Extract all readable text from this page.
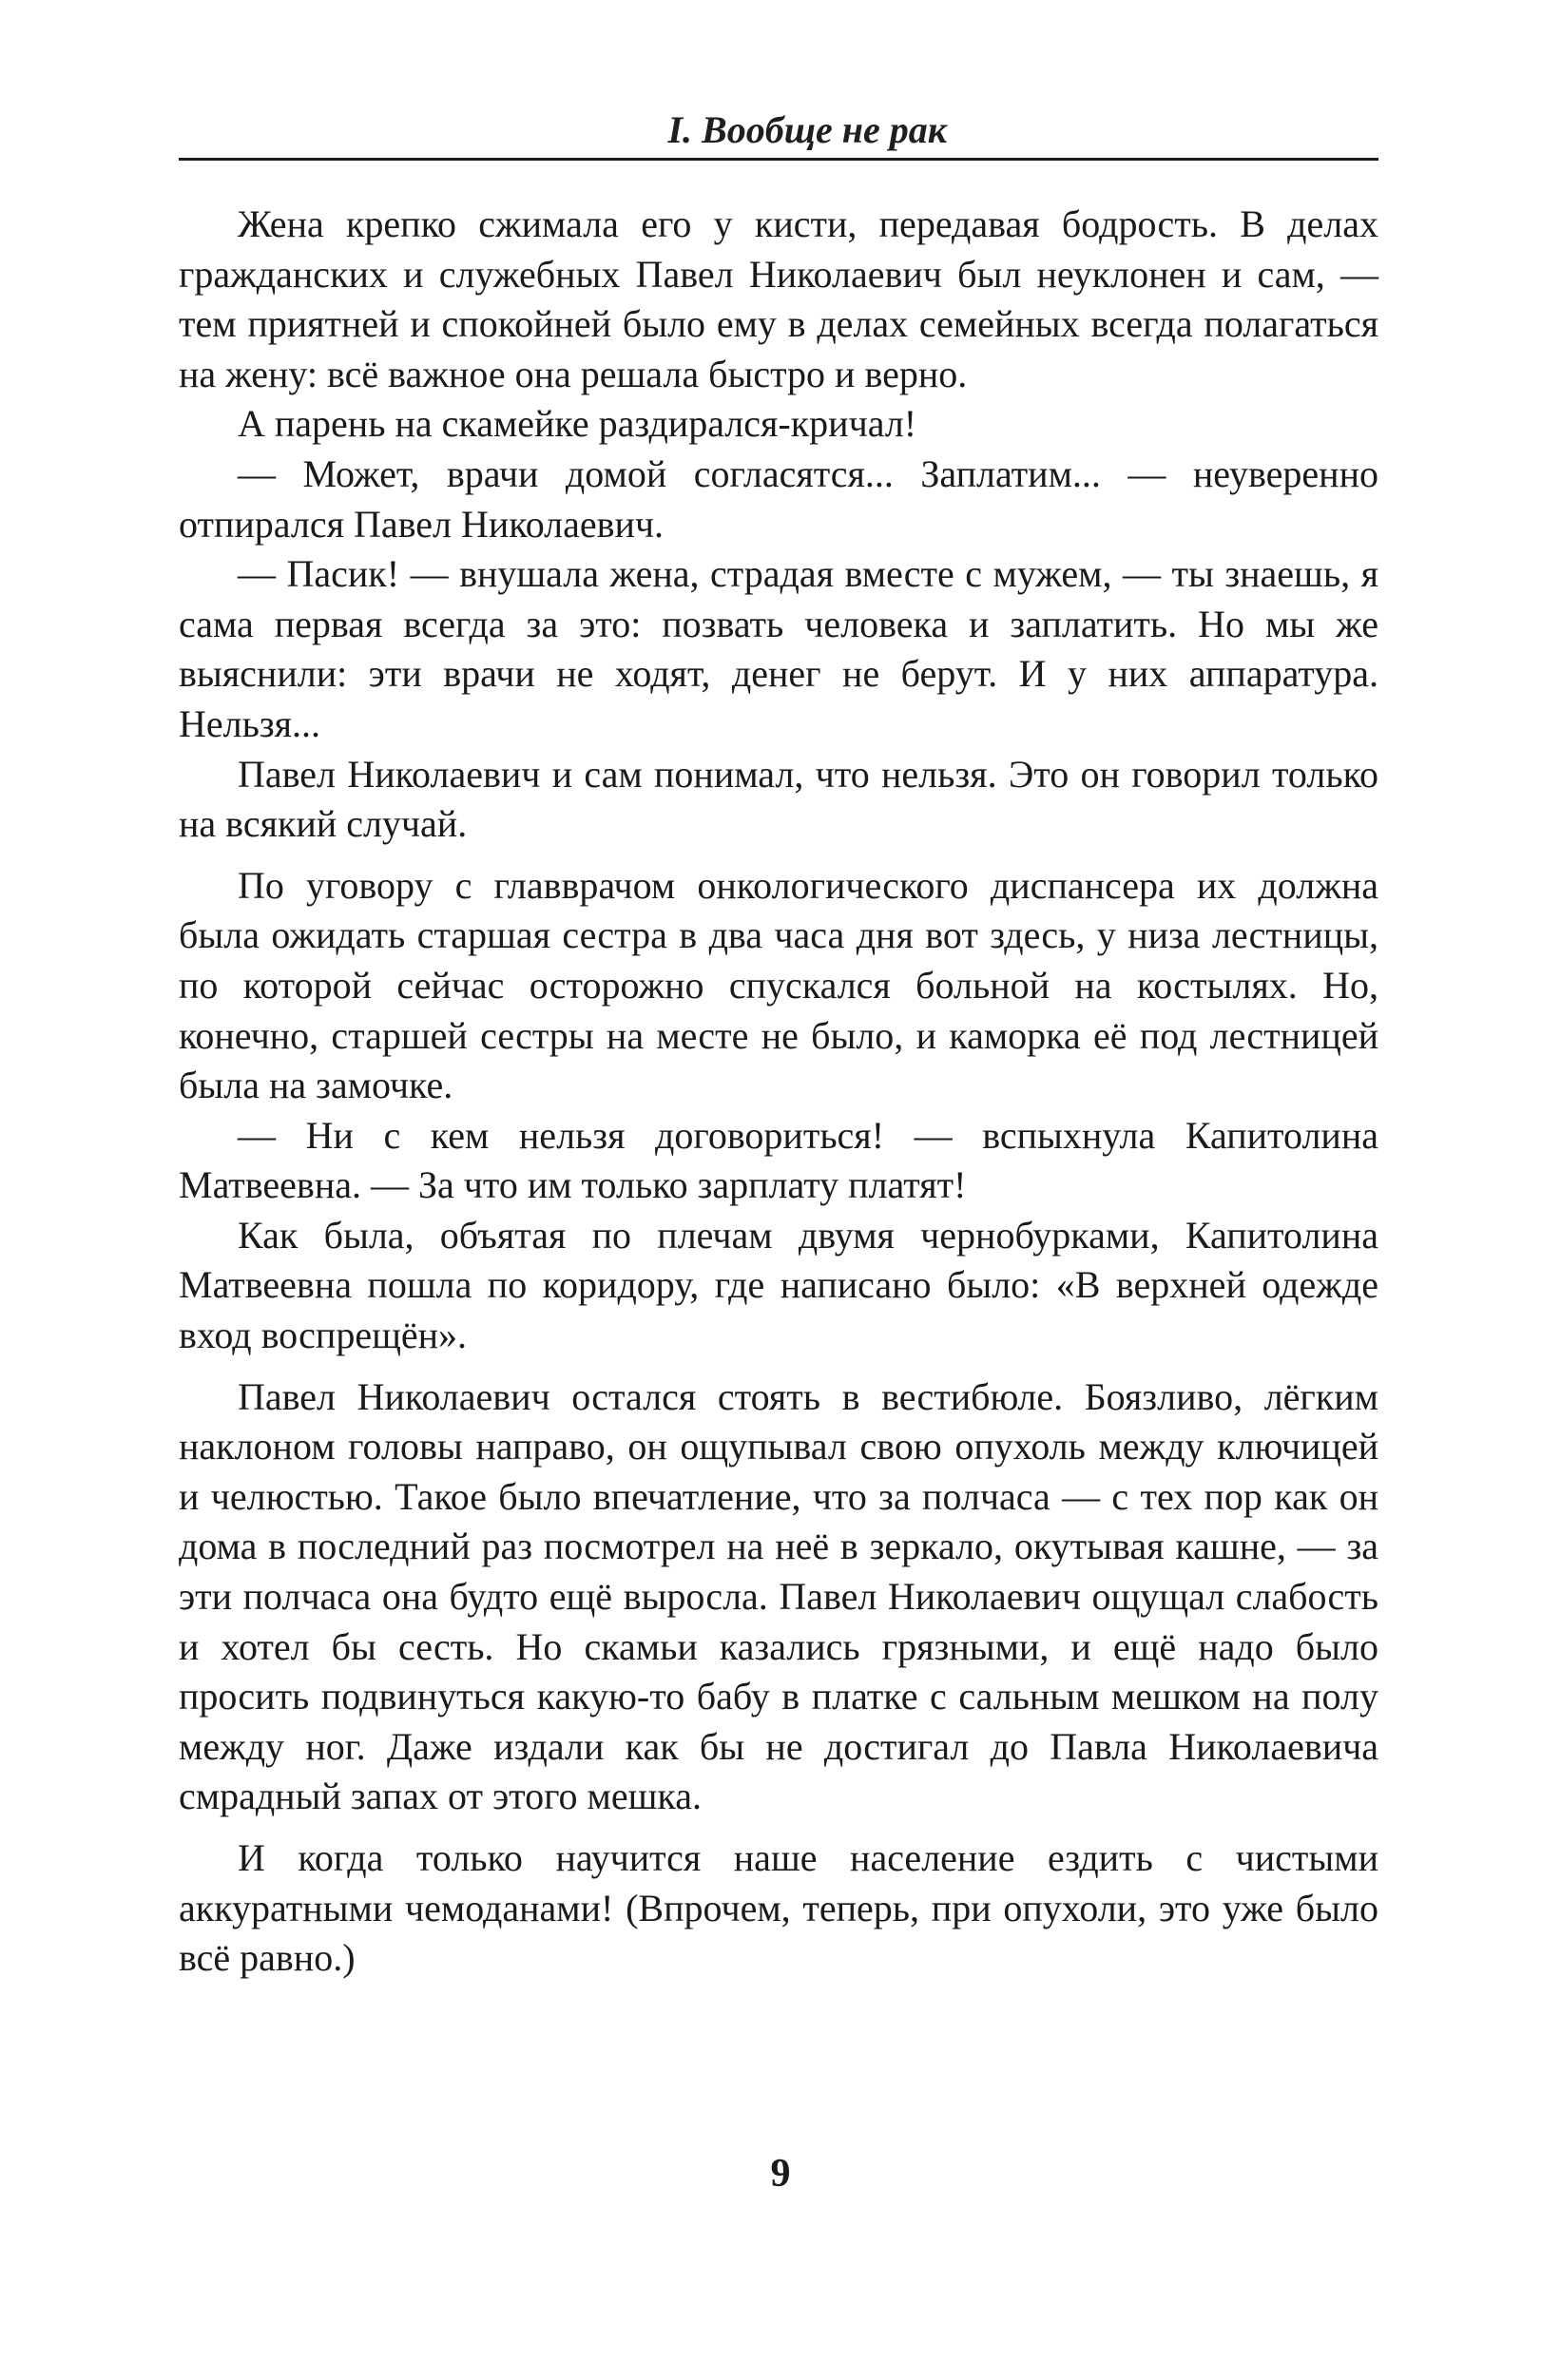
I. Вообще не рак

Жена крепко сжимала его у кисти, передавая бодрость. В делах гражданских и служебных Павел Николаевич был неуклонен и сам, — тем приятней и спокойней было ему в делах семейных всегда полагаться на жену: всё важное она решала быстро и верно.

А парень на скамейке раздирался-кричал!

— Может, врачи домой согласятся... Заплатим... — неуверенно отпирался Павел Николаевич.

— Пасик! — внушала жена, страдая вместе с мужем, — ты знаешь, я сама первая всегда за это: позвать человека и заплатить. Но мы же выяснили: эти врачи не ходят, денег не берут. И у них аппаратура. Нельзя...

Павел Николаевич и сам понимал, что нельзя. Это он говорил только на всякий случай.

По уговору с главврачом онкологического диспансера их должна была ожидать старшая сестра в два часа дня вот здесь, у низа лестницы, по которой сейчас осторожно спускался больной на костылях. Но, конечно, старшей сестры на месте не было, и каморка её под лестницей была на замочке.

— Ни с кем нельзя договориться! — вспыхнула Капитолина Матвеевна. — За что им только зарплату платят!

Как была, объятая по плечам двумя чернобурками, Капитолина Матвеевна пошла по коридору, где написано было: «В верхней одежде вход воспрещён».

Павел Николаевич остался стоять в вестибюле. Боязливо, лёгким наклоном головы направо, он ощупывал свою опухоль между ключицей и челюстью. Такое было впечатление, что за полчаса — с тех пор как он дома в последний раз посмотрел на неё в зеркало, окутывая кашне, — за эти полчаса она будто ещё выросла. Павел Николаевич ощущал слабость и хотел бы сесть. Но скамьи казались грязными, и ещё надо было просить подвинуться какую-то бабу в платке с сальным мешком на полу между ног. Даже издали как бы не достигал до Павла Николаевича смрадный запах от этого мешка.

И когда только научится наше население ездить с чистыми аккуратными чемоданами! (Впрочем, теперь, при опухоли, это уже было всё равно.)

9
